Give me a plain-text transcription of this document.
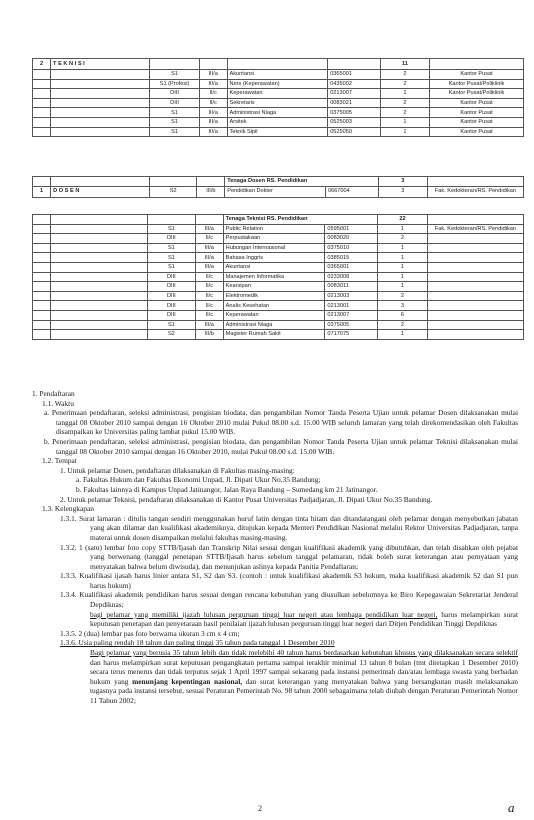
2	TEKNISI					11	
		S1	III/a	Akuntansi	0365001	2	Kantor Pusat
		S1 (Profesi)	III/a	Ners (Keperawatan)	0435002	2	Kantor Pusat/Poliklinik
		DIII	II/c	Keperawatan	0213007	1	Kantor Pusat/Poliklinik
		DIII	II/c	Sekretaris	0083021	2	Kantor Pusat
		S1	III/a	Administrasi Niaga	0375005	2	Kantor Pusat
		S1	III/a	Arsitek	0525003	1	Kantor Pusat
		S1	III/a	Teknik Sipil	0525050	1	Kantor Pusat
				Tenaga Dosen RS. Pendidikan		3	
1	DOSEN	S2	III/b	Pendidikan Dokter	0667004	3	Fak. Kedokteran/RS. Pendidikan
				Tenaga Teknisi RS. Pendidikan		22	
		S1	III/a	Public Relation	0595001	1	Fak. Kedokteran/RS. Pendidikan
		DIII	II/c	Perpustakaan	0083020	2	
		S1	III/a	Hubungan Internasional	0375010	1	
		S1	III/a	Bahasa Inggris	0385015	1	
		S1	III/a	Akuntansi	0365001	1	
		DIII	II/c	Manajemen Informatika	0233008	1	
		DIII	II/c	Kearsipan	0083011	1	
		DIII	II/c	Elektromedik	0213003	2	
		DIII	II/c	Analis Kesehatan	0213001	3	
		DIII	II/c	Keperawatan	0213007	6	
		S1	III/a	Administrasi Niaga	0375005	2	
		S2	III/b	Magister Rumah Sakit	0717075	1	

1. Pendaftaran

1.1. Waktu

a. Penerimaan pendaftaran, seleksi administrasi, pengisian biodata, dan pengambilan Nomor Tanda Peserta Ujian untuk pelamar Dosen dilaksanakan mulai tanggal 08 Oktober 2010 sampai dengan 16 Oktober 2010 mulai Pukul 08.00 s.d. 15.00 WIB seluruh lamaran yang telah direkomendasikan oleh Fakultas disampaikan ke Universitas paling lambat pukul 15.00 WIB.

b. Penerimaan pendaftaran, seleksi administrasi, pengisian biodata, dan pengambilan Nomor Tanda Peserta Ujian untuk pelamar Teknisi dilaksanakan mulai tanggal 08 Oktober 2010 sampai dengan 16 Oktober 2010, mulai Pukul 08.00 s.d. 15.00 WIB.

1.2. Tempat

1. Untuk pelamar Dosen, pendaftaran dilaksanakan di Fakultas masing-masing:

a. Fakultas Hukum dan Fakultas Ekonomi Unpad, Jl. Dipati Ukur No.35 Bandung;

b. Fakultas lainnya di Kampus Unpad Jatinangor, Jalan Raya Bandung – Sumedang km 21 Jatinangor.

2. Untuk pelamar Teknisi, pendaftaran dilaksanakan di Kantor Pusat Universitas Padjadjaran, Jl. Dipati Ukur No.35 Bandung.

1.3. Kelengkapan

1.3.1. Surat lamaran : ditulis tangan sendiri menggunakan huruf latin dengan tinta hitam dan ditandatangani oleh pelamar dengan menyebutkan jabatan yang akan dilamar dan kualifikasi akademiknya, ditujukan kepada Menteri Pendidikan Nasional melalui Rektor Universitas Padjadjaran, tanpa materai untuk dosen disampaikan melalui fakultas masing-masing.

1.3.2. 1 (satu) lembar foto copy STTB/Ijasah dan Transkrip Nilai sesuai dengan kualifikasi akademik yang dibutuhkan, dan telah disahkan oleh pejabat yang berwenang (tanggal penetapan STTB/Ijasah harus sebelum tanggal pelamaran, tidak boleh surat keterangan atau pernyataan yang menyatakan bahwa belum diwisuda), dan menunjukan aslinya kepada Panitia Pendaftaran;

1.3.3. Kualifikasi ijasah harus linier antara S1, S2 dan S3. (contoh : untuk kualifikasi akademik S3 hukum, maka kualifikasi akademik S2 dan S1 pun harus hukum)

1.3.4. Kualifikasi akademik pendidikan harus sesuai dengan rencana kebutuhan yang diusulkan sebelumnya ke Biro Kepegawaian Sekretariat Jenderal Depdiknas;

bagi pelamar yang memiliki ijazah lulusan perguruan tinggi luar negeri atau lembaga pendidikan luar negeri, harus melampirkan surat keputusan penetapan dan penyetaraan hasil penilaian ijazah lulusan perguruan tinggi luar negeri dari Ditjen Pendidikan Tinggi Depdiknas

1.3.5. 2 (dua) lembar pas foto berwarna ukuran 3 cm x 4 cm;

1.3.6. Usia paling rendah 18 tahun dan paling tinggi 35 tahun pada tanggal 1 Desember 2010

Bagi pelamar yang berusia 35 tahun lebih dan tidak melebihi 40 tahun harus berdasarkan kebutuhan khusus yang dilaksanakan secara selektif dan harus melampirkan surat keputusan pengangkatan pertama sampai terakhir minimal 13 tahun 8 bulan (tmt ditetapkan 1 Desember 2010) secara terus menerus dan tidak terputus sejak 1 April 1997 sampai sekarang pada instansi pemerintah dan/atau lembaga swasta yang berbadan hukum yang menunjang kepentingan nasional, dan surat keterangan yang menyatakan bahwa yang bersangkutan masih melaksanakan tugasnya pada instansi tersebut, sesuai Peraturan Pemerintah No. 98 tahun 2000 sebagaimana telah diubah dengan Peraturan Pemerintah Nomor 11 Tahun 2002;

2	a
